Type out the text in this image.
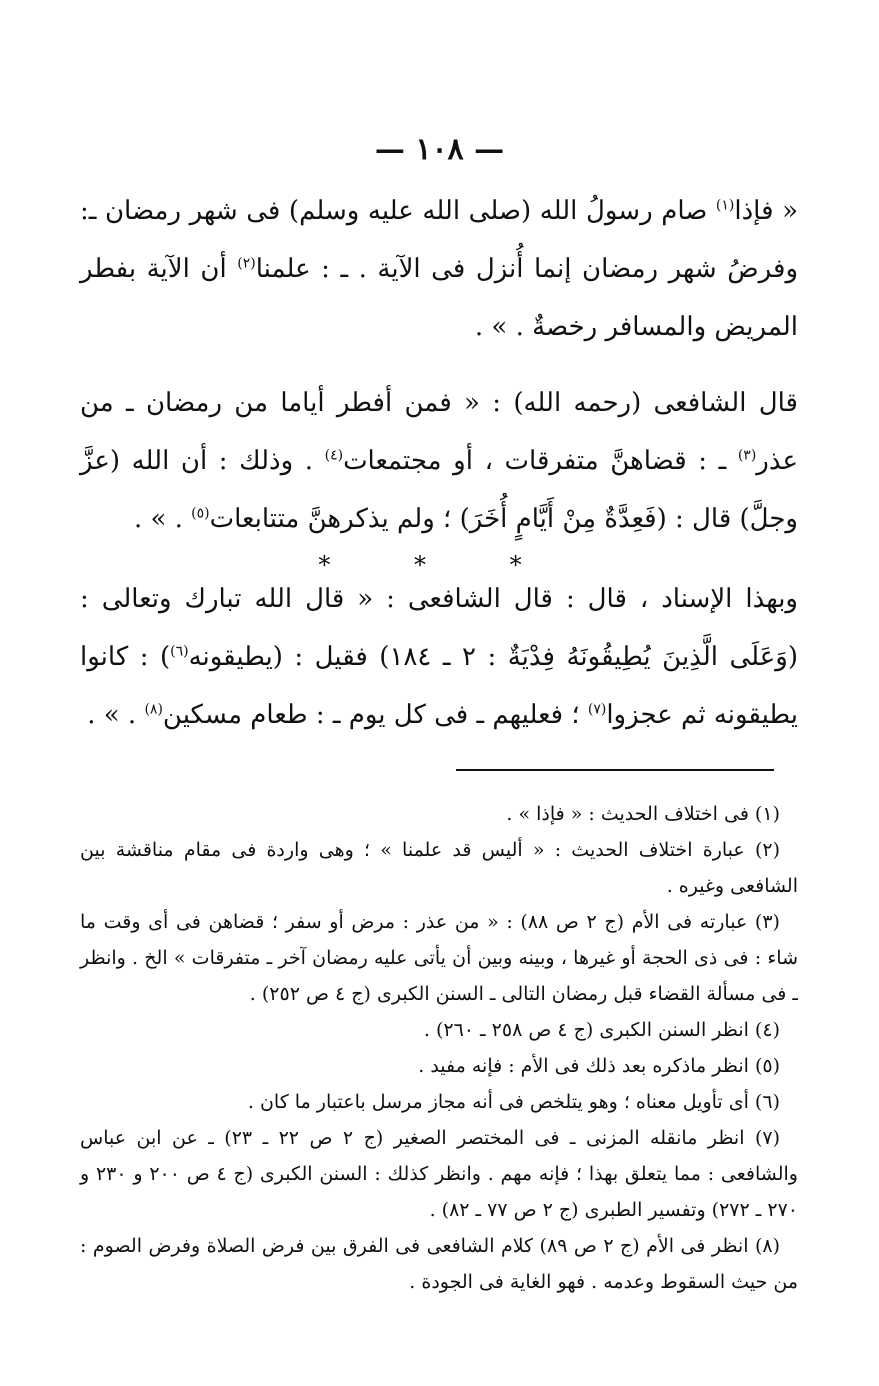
— ١٠٨ —

« فإذا$^{(١)}$ صام رسولُ الله (صلى الله عليه وسلم) فى شهر رمضان ـ: وفرضُ شهر رمضان إنما أُنزل فى الآية . ـ : علمنا$^{(٢)}$ أن الآية بفطر المريض والمسافر رخصةٌ . » .

قال الشافعى (رحمه الله) : « فمن أفطر أياما من رمضان ـ من عذر$^{(٣)}$ ـ : قضاهنَّ متفرقات ، أو مجتمعات$^{(٤)}$ . وذلك : أن الله (عزَّ وجلَّ) قال : (فَعِدَّةٌ مِنْ أَيَّامٍ أُخَرَ) ؛ ولم يذكرهنَّ متتابعات$^{(٥)}$ . » .

* * *

وبهذا الإسناد ، قال : قال الشافعى : « قال الله تبارك وتعالى : (وَعَلَى الَّذِينَ يُطِيقُونَهُ فِدْيَةٌ : ٢ ـ ١٨٤) فقيل : (يطيقونه$^{(٦)}$) : كانوا يطيقونه ثم عجزوا$^{(٧)}$ ؛ فعليهم ـ فى كل يوم ـ : طعام مسكين$^{(٨)}$ . » .

(١) فى اختلاف الحديث : « فإذا » .

(٢) عبارة اختلاف الحديث : « أليس قد علمنا » ؛ وهى واردة فى مقام مناقشة بين الشافعى وغيره .

(٣) عبارته فى الأم (ج ٢ ص ٨٨) : « من عذر : مرض أو سفر ؛ قضاهن فى أى وقت ما شاء : فى ذى الحجة أو غيرها ، وبينه وبين أن يأتى عليه رمضان آخر ـ متفرقات » الخ . وانظر ـ فى مسألة القضاء قبل رمضان التالى ـ السنن الكبرى (ج ٤ ص ٢٥٢) .

(٤) انظر السنن الكبرى (ج ٤ ص ٢٥٨ ـ ٢٦٠) .

(٥) انظر ماذكره بعد ذلك فى الأم : فإنه مفيد .

(٦) أى تأويل معناه ؛ وهو يتلخص فى أنه مجاز مرسل باعتبار ما كان .

(٧) انظر مانقله المزنى ـ فى المختصر الصغير (ج ٢ ص ٢٢ ـ ٢٣) ـ عن ابن عباس والشافعى : مما يتعلق بهذا ؛ فإنه مهم . وانظر كذلك : السنن الكبرى (ج ٤ ص ٢٠٠ و ٢٣٠ و ٢٧٠ ـ ٢٧٢) وتفسير الطبرى (ج ٢ ص ٧٧ ـ ٨٢) .

(٨) انظر فى الأم (ج ٢ ص ٨٩) كلام الشافعى فى الفرق بين فرض الصلاة وفرض الصوم : من حيث السقوط وعدمه . فهو الغاية فى الجودة .
